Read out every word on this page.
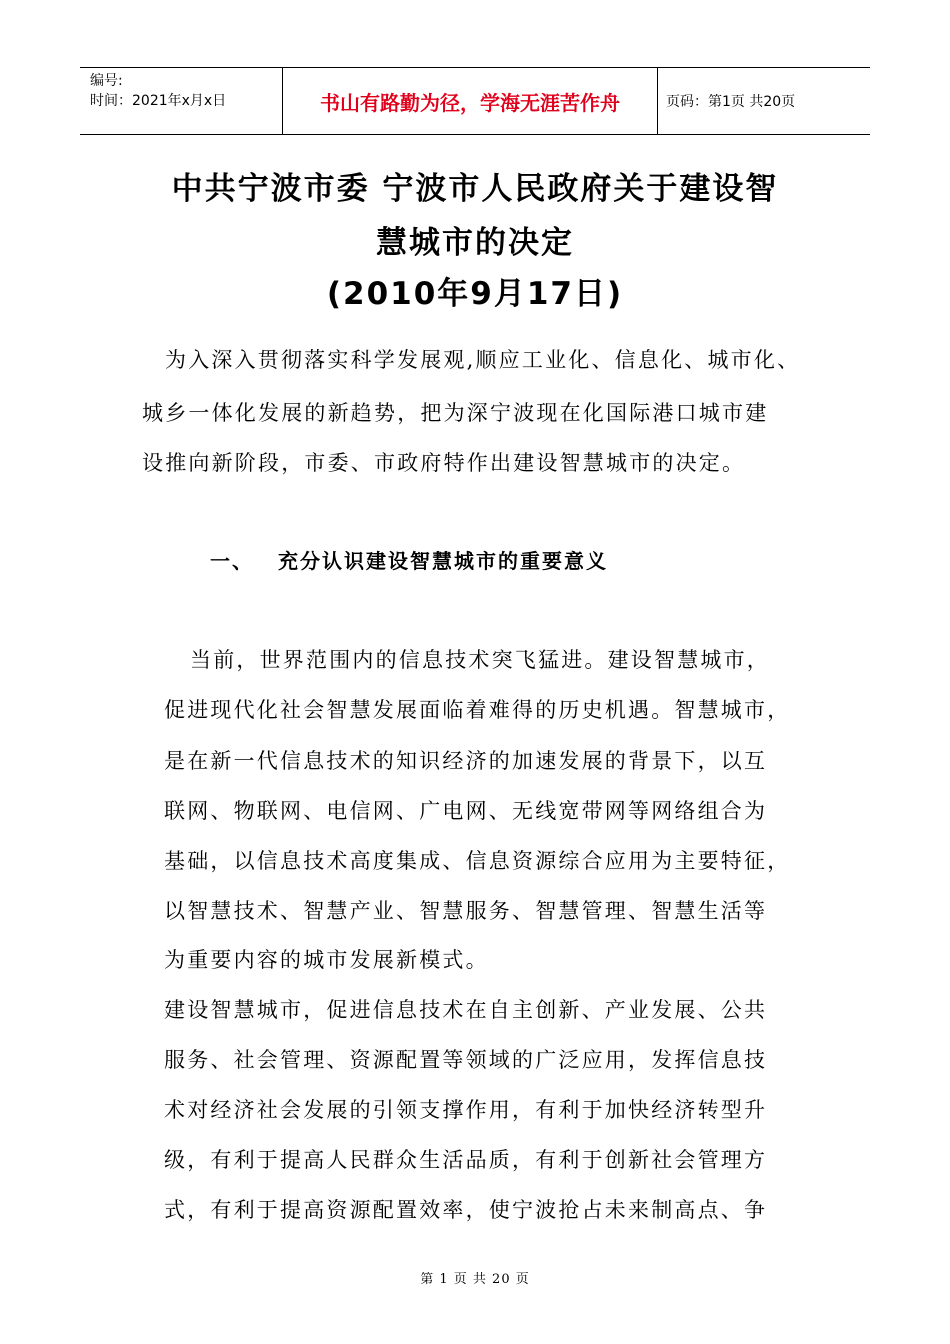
编号:
时间：2021年x月x日	书山有路勤为径，学海无涯苦作舟	页码：第1页 共20页
中共宁波市委 宁波市人民政府关于建设智
慧城市的决定
(2010年9月17日)
为入深入贯彻落实科学发展观,顺应工业化、信息化、城市化、
城乡一体化发展的新趋势，把为深宁波现在化国际港口城市建
设推向新阶段，市委、市政府特作出建设智慧城市的决定。
一、 充分认识建设智慧城市的重要意义
当前，世界范围内的信息技术突飞猛进。建设智慧城市，
促进现代化社会智慧发展面临着难得的历史机遇。智慧城市，
是在新一代信息技术的知识经济的加速发展的背景下，以互
联网、物联网、电信网、广电网、无线宽带网等网络组合为
基础，以信息技术高度集成、信息资源综合应用为主要特征，
以智慧技术、智慧产业、智慧服务、智慧管理、智慧生活等
为重要内容的城市发展新模式。
建设智慧城市，促进信息技术在自主创新、产业发展、公共
服务、社会管理、资源配置等领域的广泛应用，发挥信息技
术对经济社会发展的引领支撑作用，有利于加快经济转型升
级，有利于提高人民群众生活品质，有利于创新社会管理方
式，有利于提高资源配置效率，使宁波抢占未来制高点、争
第 1 页 共 20 页
